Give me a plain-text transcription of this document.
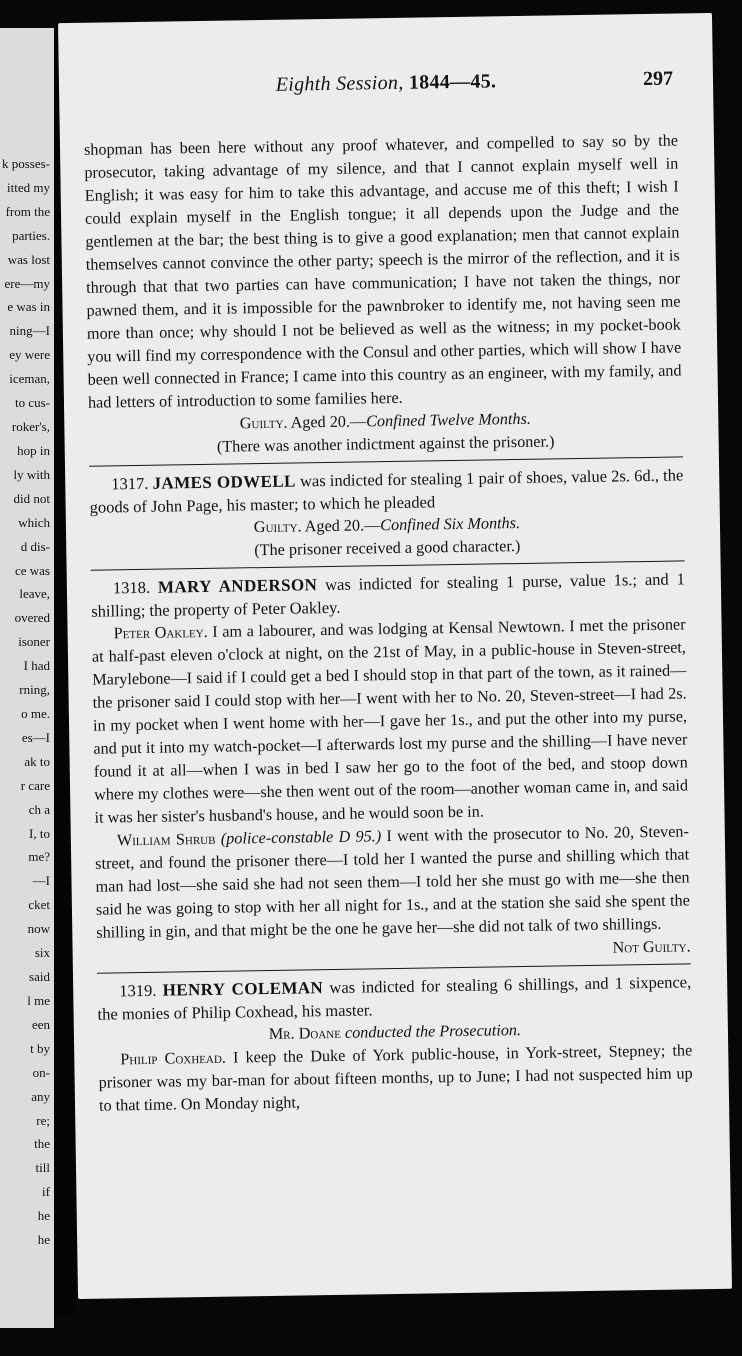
k posses-
itted my
from the
parties.
was lost
ere—my
e was in
ning—I
ey were
iceman,
to cus-
roker's,
hop in
ly with
did not
which
d dis-
ce was
leave,
overed
isoner
I had
rning,
o me.
es—I
ak to
r care
ch a
I, to
me?
—I
cket
now
six
said
l me
een
t by
on-
any
re;
the
till
if
he
he
Eighth Session, 1844—45.	297

shopman has been here without any proof whatever, and compelled to say so by the prosecutor, taking advantage of my silence, and that I cannot explain myself well in English; it was easy for him to take this advantage, and accuse me of this theft; I wish I could explain myself in the English tongue; it all depends upon the Judge and the gentlemen at the bar; the best thing is to give a good explanation; men that cannot explain themselves cannot convince the other party; speech is the mirror of the reflection, and it is through that that two parties can have communication; I have not taken the things, nor pawned them, and it is impossible for the pawnbroker to identify me, not having seen me more than once; why should I not be believed as well as the witness; in my pocket-book you will find my correspondence with the Consul and other parties, which will show I have been well connected in France; I came into this country as an engineer, with my family, and had letters of introduction to some families here.

Guilty. Aged 20.—Confined Twelve Months.

(There was another indictment against the prisoner.)

1317. JAMES ODWELL was indicted for stealing 1 pair of shoes, value 2s. 6d., the goods of John Page, his master; to which he pleaded

Guilty. Aged 20.—Confined Six Months.

(The prisoner received a good character.)

1318. MARY ANDERSON was indicted for stealing 1 purse, value 1s.; and 1 shilling; the property of Peter Oakley.

Peter Oakley. I am a labourer, and was lodging at Kensal Newtown. I met the prisoner at half-past eleven o'clock at night, on the 21st of May, in a public-house in Steven-street, Marylebone—I said if I could get a bed I should stop in that part of the town, as it rained—the prisoner said I could stop with her—I went with her to No. 20, Steven-street—I had 2s. in my pocket when I went home with her—I gave her 1s., and put the other into my purse, and put it into my watch-pocket—I afterwards lost my purse and the shilling—I have never found it at all—when I was in bed I saw her go to the foot of the bed, and stoop down where my clothes were—she then went out of the room—another woman came in, and said it was her sister's husband's house, and he would soon be in.

William Shrub (police-constable D 95.) I went with the prosecutor to No. 20, Steven-street, and found the prisoner there—I told her I wanted the purse and shilling which that man had lost—she said she had not seen them—I told her she must go with me—she then said he was going to stop with her all night for 1s., and at the station she said she spent the shilling in gin, and that might be the one he gave her—she did not talk of two shillings.

Not Guilty.

1319. HENRY COLEMAN was indicted for stealing 6 shillings, and 1 sixpence, the monies of Philip Coxhead, his master.

Mr. Doane conducted the Prosecution.

Philip Coxhead. I keep the Duke of York public-house, in York-street, Stepney; the prisoner was my bar-man for about fifteen months, up to June; I had not suspected him up to that time. On Monday night,
